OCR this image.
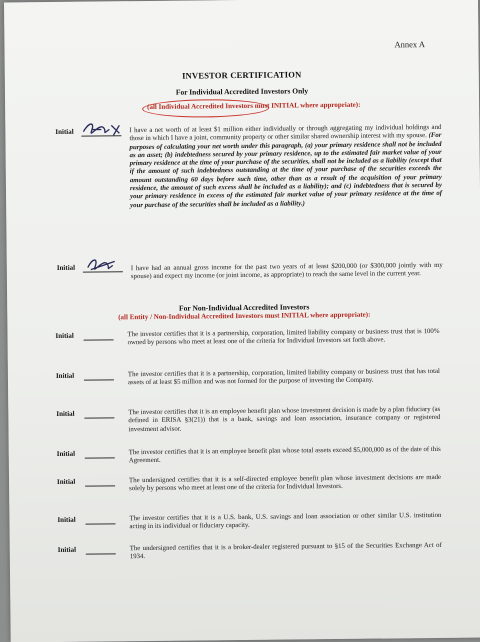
Annex A
INVESTOR CERTIFICATION
For Individual Accredited Investors Only
(all Individual Accredited Investors must INITIAL where appropriate):
Initial	I have a net worth of at least $1 million either individually or through aggregating my individual holdings and those in which I have a joint, community property or other similar shared ownership interest with my spouse. (For purposes of calculating your net worth under this paragraph, (a) your primary residence shall not be included as an asset; (b) indebtedness secured by your primary residence, up to the estimated fair market value of your primary residence at the time of your purchase of the securities, shall not be included as a liability (except that if the amount of such indebtedness outstanding at the time of your purchase of the securities exceeds the amount outstanding 60 days before such time, other than as a result of the acquisition of your primary residence, the amount of such excess shall be included as a liability); and (c) indebtedness that is secured by your primary residence in excess of the estimated fair market value of your primary residence at the time of your purchase of the securities shall be included as a liability.)
Initial	I have had an annual gross income for the past two years of at least $200,000 (or $300,000 jointly with my spouse) and expect my income (or joint income, as appropriate) to reach the same level in the current year.
For Non-Individual Accredited Investors
(all Entity / Non-Individual Accredited Investors must INITIAL where appropriate):
Initial	The investor certifies that it is a partnership, corporation, limited liability company or business trust that is 100% owned by persons who meet at least one of the criteria for Individual Investors set forth above.
Initial	The investor certifies that it is a partnership, corporation, limited liability company or business trust that has total assets of at least $5 million and was not formed for the purpose of investing the Company.
Initial	The investor certifies that it is an employee benefit plan whose investment decision is made by a plan fiduciary (as defined in ERISA §3(21)) that is a bank, savings and loan association, insurance company or registered investment advisor.
Initial	The investor certifies that it is an employee benefit plan whose total assets exceed $5,000,000 as of the date of this Agreement.
Initial	The undersigned certifies that it is a self-directed employee benefit plan whose investment decisions are made solely by persons who meet at least one of the criteria for Individual Investors.
Initial	The investor certifies that it is a U.S. bank, U.S. savings and loan association or other similar U.S. institution acting in its individual or fiduciary capacity.
Initial	The undersigned certifies that it is a broker-dealer registered pursuant to §15 of the Securities Exchange Act of 1934.
